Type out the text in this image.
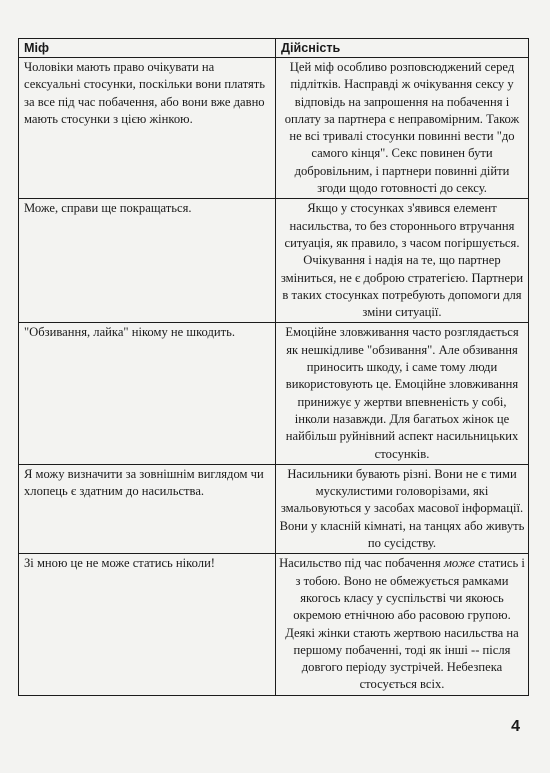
Міф	Дійсність
Чоловіки мають право очікувати на сексуальні стосунки, поскільки вони платять за все під час побачення, або вони вже давно мають стосунки з цією жінкою.	Цей міф особливо розповсюджений серед підлітків. Насправді ж очікування сексу у відповідь на запрошення на побачення і оплату за партнера є неправомірним. Також не всі тривалі стосунки повинні вести "до самого кінця". Секс повинен бути добровільним, і партнери повинні дійти згоди щодо готовності до сексу.
Може, справи ще покращаться.	Якщо у стосунках з'явився елемент насильства, то без стороннього втручання ситуація, як правило, з часом погіршується. Очікування і надія на те, що партнер зміниться, не є доброю стратегією. Партнери в таких стосунках потребують допомоги для зміни ситуації.
"Обзивання, лайка" нікому не шкодить.	Емоційне зловживання часто розглядається як нешкідливе "обзивання". Але обзивання приносить шкоду, і саме тому люди використовують це. Емоційне зловживання принижує у жертви впевненість у собі, інколи назавжди. Для багатьох жінок це найбільш руйнівний аспект насильницьких стосунків.
Я можу визначити за зовнішнім виглядом чи хлопець є здатним до насильства.	Насильники бувають різні. Вони не є тими мускулистими головорізами, які змальовуються у засобах масової інформації. Вони у класній кімнаті, на танцях або живуть по сусідству.
Зі мною це не може статись ніколи!	Насильство під час побачення може статись і з тобою. Воно не обмежується рамками якогось класу у суспільстві чи якоюсь окремою етнічною або расовою групою. Деякі жінки стають жертвою насильства на першому побаченні, тоді як інші -- після довгого періоду зустрічей. Небезпека стосується всіх.
4
